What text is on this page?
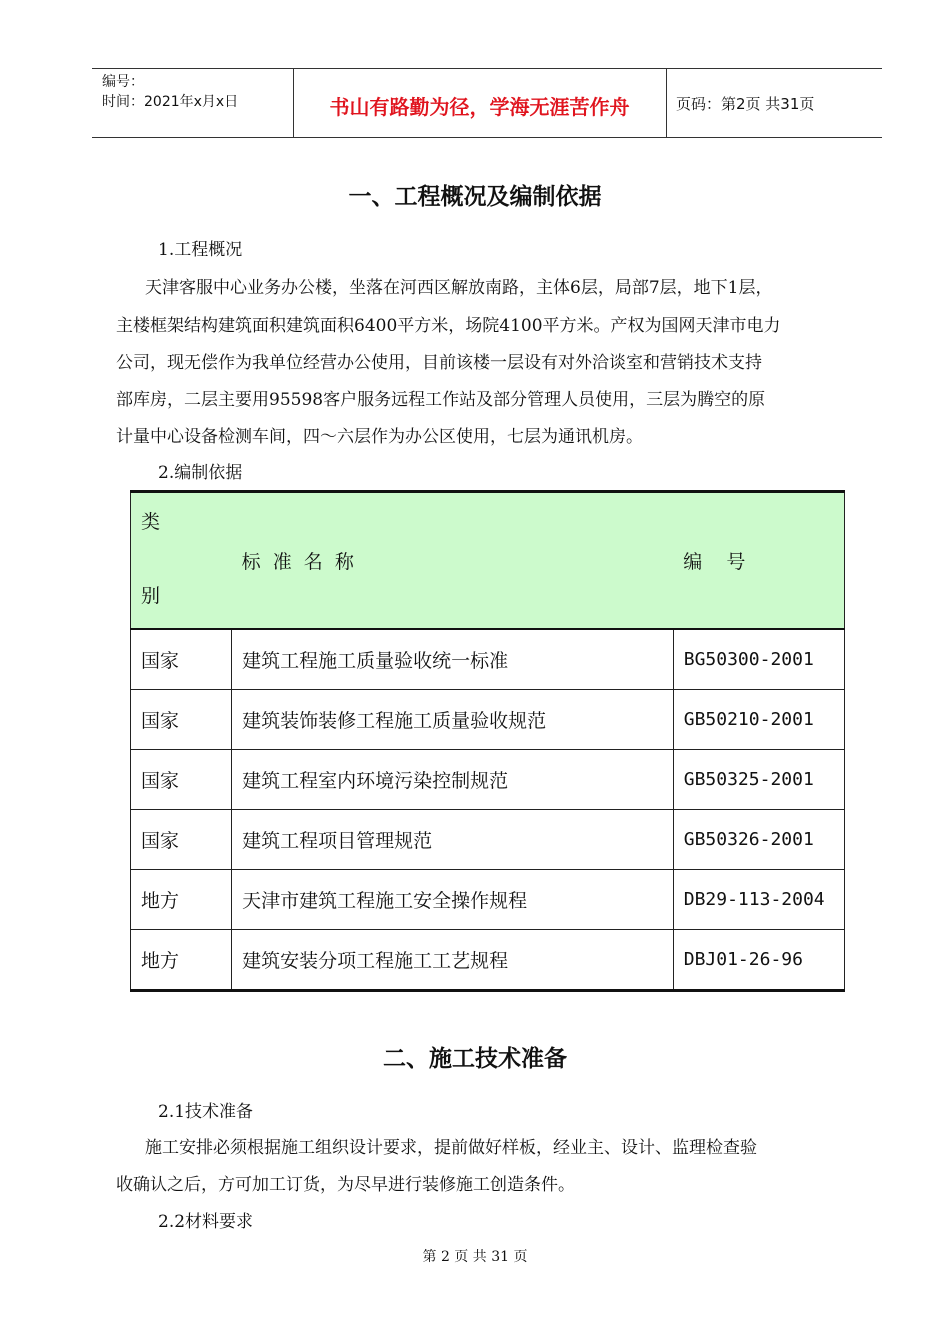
编号：
时间：2021年x月x日	书山有路勤为径，学海无涯苦作舟	页码：第2页 共31页
一、工程概况及编制依据
1.工程概况
天津客服中心业务办公楼，坐落在河西区解放南路，主体6层，局部7层，地下1层，
主楼框架结构建筑面积建筑面积6400平方米，场院4100平方米。产权为国网天津市电力
公司，现无偿作为我单位经营办公使用，目前该楼一层设有对外洽谈室和营销技术支持
部库房，二层主要用95598客户服务远程工作站及部分管理人员使用，三层为腾空的原
计量中心设备检测车间，四～六层作为办公区使用，七层为通讯机房。
2.编制依据
类
别	标  准  名  称	编    号
国家	建筑工程施工质量验收统一标准	BG50300-2001
国家	建筑装饰装修工程施工质量验收规范	GB50210-2001
国家	建筑工程室内环境污染控制规范	GB50325-2001
国家	建筑工程项目管理规范	GB50326-2001
地方	天津市建筑工程施工安全操作规程	DB29-113-2004
地方	建筑安装分项工程施工工艺规程	DBJ01-26-96
二、施工技术准备
2.1技术准备
施工安排必须根据施工组织设计要求，提前做好样板，经业主、设计、监理检查验
收确认之后，方可加工订货，为尽早进行装修施工创造条件。
2.2材料要求
第 2 页 共 31 页
